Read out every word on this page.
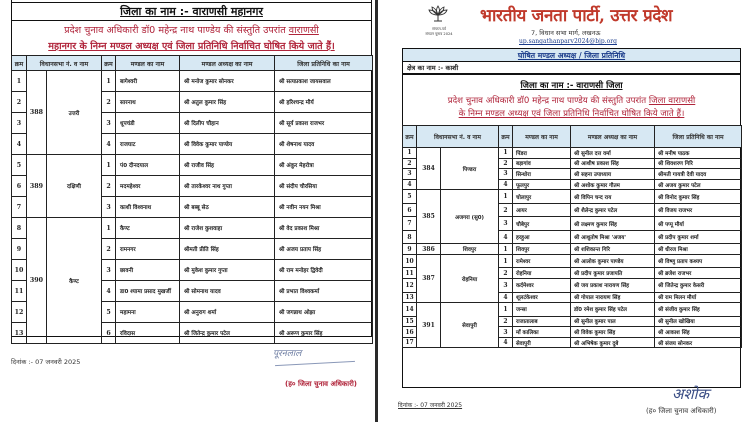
जिला का नाम :- वाराणसी महानगर
प्रदेश चुनाव अधिकारी डॉ0 महेन्द्र नाथ पाण्डेय की संस्तुति उपरांत वाराणसी
महानगर के निम्न मण्डल अध्यक्ष एवं जिला प्रतिनिधि निर्वाचित घोषित किये जाते हैं।
क्रम	विधानसभा नं. व नाम		क्रम	मण्डल का नाम	मण्डल अध्यक्ष का नाम	जिला प्रतिनिधि का नाम
1	388	उत्तरी	1	बागेश्वरी	श्री मनोज कुमार सोनकर	श्री सत्यप्रकाश जायसवाल
2			2	सारनाथ	श्री अतुल कुमार सिंह	श्री हरिश्चन्द्र मौर्य
3			3	धूपचंडी	श्री दिलीप चौहान	श्री सूर्य प्रकाश राजभर
4			4	राजघाट	श्री विवेक कुमार पाण्डेय	श्री शेषनाथ यादव
5	389	दक्षिणी	1	पं0 दीनदयाल	श्री राजीव सिंह	श्री अंकुर मेहरोत्रा
6			2	मदमहेश्वर	श्री तारकेश्वर नाथ गुप्ता	श्री संदीप चौरसिया
7			3	काशी विश्वनाथ	श्री बब्बू सेठ	श्री नवीन नयन मिश्रा
8	390	कैण्ट	1	कैण्ट	श्री राजेश कुशवाहा	श्री वेद प्रकाश मिश्रा
9			2	रामनगर	श्रीमती प्रीति सिंह	श्री अजय प्रताप सिंह
10			3	छावनी	श्री मुकेश कुमार गुप्ता	श्री राम मनोहर द्विवेदी
11			4	डा0 श्यामा प्रसाद मुखर्जी	श्री सोमनाथ यादव	श्री प्रभात विश्वकर्मा
12			5	महामना	श्री अनुराग शर्मा	श्री जगन्नाथ ओझा
13			6	रविदास	श्री जितेन्द्र कुमार पटेल	श्री अरूण कुमार सिंह
दिनांक :- 07 जनवरी 2025
पूरनलाल
(ह० जिला चुनाव अधिकारी)
संगठन-पर्व
संगठन चुनाव 2024
भारतीय जनता पार्टी, उत्तर प्रदेश
7, विधान सभा मार्ग, लखनऊ
up.sangathanparv2024@bjp.org
घोषित मण्डल अध्यक्ष / जिला प्रतिनिधि
क्षेत्र का नाम :- काशी
जिला का नाम :- वाराणसी जिला
प्रदेश चुनाव अधिकारी डॉ0 महेन्द्र नाथ पाण्डेय की संस्तुति उपरांत जिला वाराणसी
के निम्न मण्डल अध्यक्ष एवं जिला प्रतिनिधि निर्वाचित घोषित किये जाते हैं।
क्रम	विधानसभा नं. व नाम		क्रम	मण्डल का नाम	मण्डल अध्यक्ष का नाम	जिला प्रतिनिधि का नाम
1	384	पिण्डरा	1	पिंडरा	श्री सुनील दत्त वर्मा	श्री मनीष पाठक
2			2	बड़ागांव	श्री आशीष प्रकाश सिंह	श्री शिवशरण गिरि
3			3	सिन्धोरा	श्री सहना उपाध्याय	श्रीमती गायत्री देवी यादव
4			4	फूलपुर	श्री अशोक कुमार गौतम	श्री अजय कुमार पटेल
5	385	अजगरा (सु0)	1	चोलापुर	श्री विपिन चन्द राय	श्री विनोद कुमार सिंह
6			2	आयर	श्री शैलेन्द्र कुमार पटेल	श्री विजय राजभर
7			3	चौबेपुर	श्री लक्ष्मण कुमार सिंह	श्री पप्पू मौर्या
8			4	हरहुआ	श्री आशुतोष मिश्रा 'अजय'	श्री प्रदीप कुमार शर्मा
9	386	शिवपुर	1	शिवपुर	श्री शशिकान्त गिरि	श्री धीरज मिश्रा
10	387	रोहनिया	1	रामेश्वर	श्री आलोक कुमार पाण्डेय	श्री विष्णु प्रताप कश्यप
11			2	रोहनिया	श्री प्रदीप कुमार प्रजापति	श्री ब्रजेश राजभर
12			3	कर्दमेश्वर	श्री जय प्रकाश नारायण सिंह	श्री जितेन्द्र कुमार केसरी
13			4	शूलटंकेश्वर	श्री गोपाल नारायण सिंह	श्री राम मिलन मौर्या
14	391	सेवापुरी	1	जन्सा	डॉ0 रमेश कुमार सिंह पटेल	श्री संजीव कुमार सिंह
15			2	राजातालाब	श्री सुनील कुमार पाल	श्री सुनील खोखिया
16			3	माँ कालिका	श्री विवेक कुमार सिंह	श्री आकाश सिंह
17			4	सेवापुरी	श्री अभिषेक कुमार दुबे	श्री संजय सोनकर
दिनांक :- 07 जनवरी 2025
अशोक
(ह० जिला चुनाव अधिकारी)
